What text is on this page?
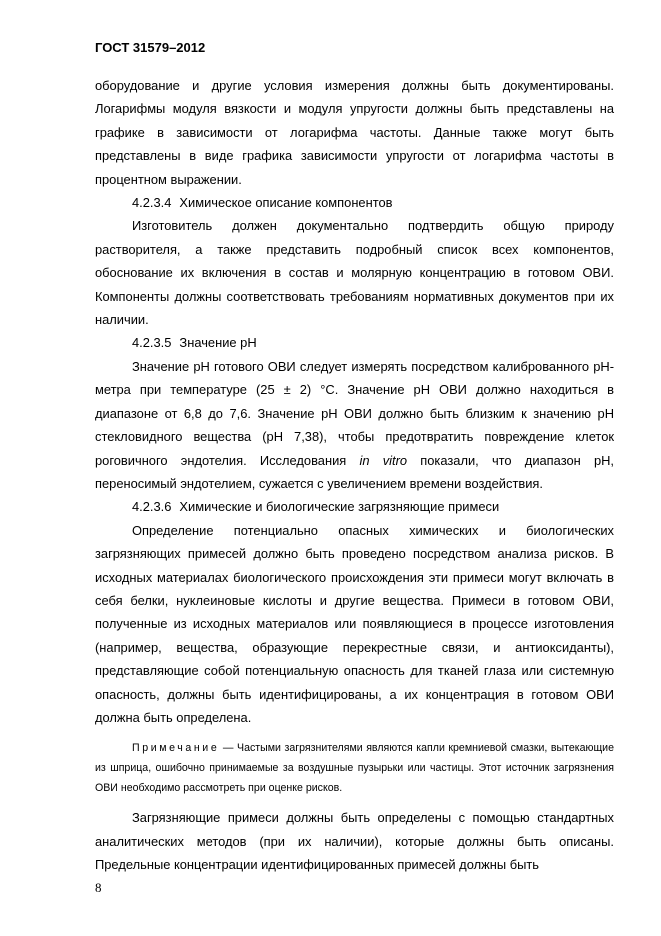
ГОСТ 31579–2012

оборудование и другие условия измерения должны быть документированы. Логарифмы модуля вязкости и модуля упругости должны быть представлены на графике в зависимости от логарифма частоты. Данные также могут быть представлены в виде графика зависимости упругости от логарифма частоты в процентном выражении.

4.2.3.4 Химическое описание компонентов

Изготовитель должен документально подтвердить общую природу растворителя, а также представить подробный список всех компонентов, обоснование их включения в состав и молярную концентрацию в готовом ОВИ. Компоненты должны соответствовать требованиям нормативных документов при их наличии.

4.2.3.5 Значение рН

Значение рН готового ОВИ следует измерять посредством калиброванного рН-метра при температуре (25 ± 2) °С. Значение рН ОВИ должно находиться в диапазоне от 6,8 до 7,6. Значение рН ОВИ должно быть близким к значению рН стекловидного вещества (рН 7,38), чтобы предотвратить повреждение клеток роговичного эндотелия. Исследования in vitro показали, что диапазон рН, переносимый эндотелием, сужается с увеличением времени воздействия.

4.2.3.6 Химические и биологические загрязняющие примеси

Определение потенциально опасных химических и биологических загрязняющих примесей должно быть проведено посредством анализа рисков. В исходных материалах биологического происхождения эти примеси могут включать в себя белки, нуклеиновые кислоты и другие вещества. Примеси в готовом ОВИ, полученные из исходных материалов или появляющиеся в процессе изготовления (например, вещества, образующие перекрестные связи, и антиоксиданты), представляющие собой потенциальную опасность для тканей глаза или системную опасность, должны быть идентифицированы, а их концентрация в готовом ОВИ должна быть определена.

Примечание — Частыми загрязнителями являются капли кремниевой смазки, вытекающие из шприца, ошибочно принимаемые за воздушные пузырьки или частицы. Этот источник загрязнения ОВИ необходимо рассмотреть при оценке рисков.

Загрязняющие примеси должны быть определены с помощью стандартных аналитических методов (при их наличии), которые должны быть описаны. Предельные концентрации идентифицированных примесей должны быть

8
